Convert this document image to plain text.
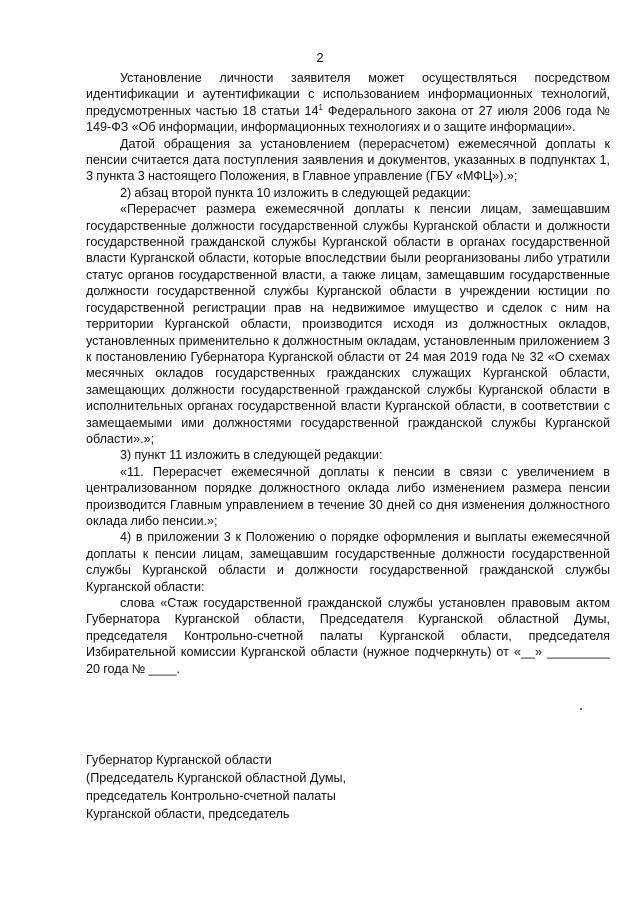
2

Установление личности заявителя может осуществляться посредством идентификации и аутентификации с использованием информационных технологий, предусмотренных частью 18 статьи $14^1$ Федерального закона от 27 июля 2006 года № 149-ФЗ «Об информации, информационных технологиях и о защите информации».

Датой обращения за установлением (перерасчетом) ежемесячной доплаты к пенсии считается дата поступления заявления и документов, указанных в подпунктах 1, 3 пункта 3 настоящего Положения, в Главное управление (ГБУ «МФЦ»).»;

2) абзац второй пункта 10 изложить в следующей редакции:

«Перерасчет размера ежемесячной доплаты к пенсии лицам, замещавшим государственные должности государственной службы Курганской области и должности государственной гражданской службы Курганской области в органах государственной власти Курганской области, которые впоследствии были реорганизованы либо утратили статус органов государственной власти, а также лицам, замещавшим государственные должности государственной службы Курганской области в учреждении юстиции по государственной регистрации прав на недвижимое имущество и сделок с ним на территории Курганской области, производится исходя из должностных окладов, установленных применительно к должностным окладам, установленным приложением 3 к постановлению Губернатора Курганской области от 24 мая 2019 года № 32 «О схемах месячных окладов государственных гражданских служащих Курганской области, замещающих должности государственной гражданской службы Курганской области в исполнительных органах государственной власти Курганской области, в соответствии с замещаемыми ими должностями государственной гражданской службы Курганской области».»;

3) пункт 11 изложить в следующей редакции:

«11. Перерасчет ежемесячной доплаты к пенсии в связи с увеличением в централизованном порядке должностного оклада либо изменением размера пенсии производится Главным управлением в течение 30 дней со дня изменения должностного оклада либо пенсии.»;

4) в приложении 3 к Положению о порядке оформления и выплаты ежемесячной доплаты к пенсии лицам, замещавшим государственные должности государственной службы Курганской области и должности государственной гражданской службы Курганской области:

слова «Стаж государственной гражданской службы установлен правовым актом Губернатора Курганской области, Председателя Курганской областной Думы, председателя Контрольно-счетной палаты Курганской области, председателя Избирательной комиссии Курганской области (нужное подчеркнуть) от «__» _________ 20 года № ____.

Губернатор Курганской области
(Председатель Курганской областной Думы,
председатель Контрольно-счетной палаты
Курганской области, председатель
